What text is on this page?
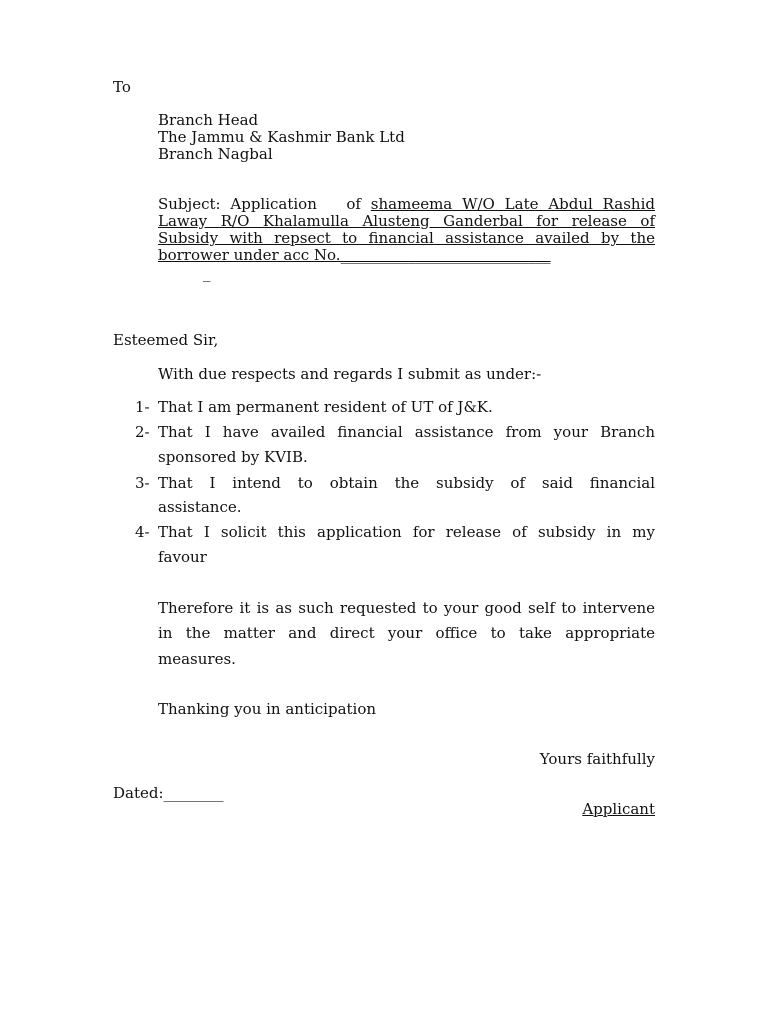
To
Branch Head
The Jammu & Kashmir Bank Ltd
Branch Nagbal
Subject: Application   of shameema W/O Late Abdul Rashid
Laway R/O Khalamulla Alusteng Ganderbal for release of
Subsidy with repsect to financial assistance availed by the
borrower under acc No.____________________________
_
Esteemed Sir,
With due respects and regards I submit as under:-
1- That I am permanent resident of UT of J&K.
2- That I have availed financial assistance from your Branch
sponsored by KVIB.
3- That I intend to obtain the subsidy of said financial
assistance.
4- That I solicit this application for release of subsidy in my
favour
Therefore it is as such requested to your good self to intervene
in the matter and direct your office to take appropriate
measures.
Thanking you in anticipation
Yours faithfully
Dated:________
Applicant
